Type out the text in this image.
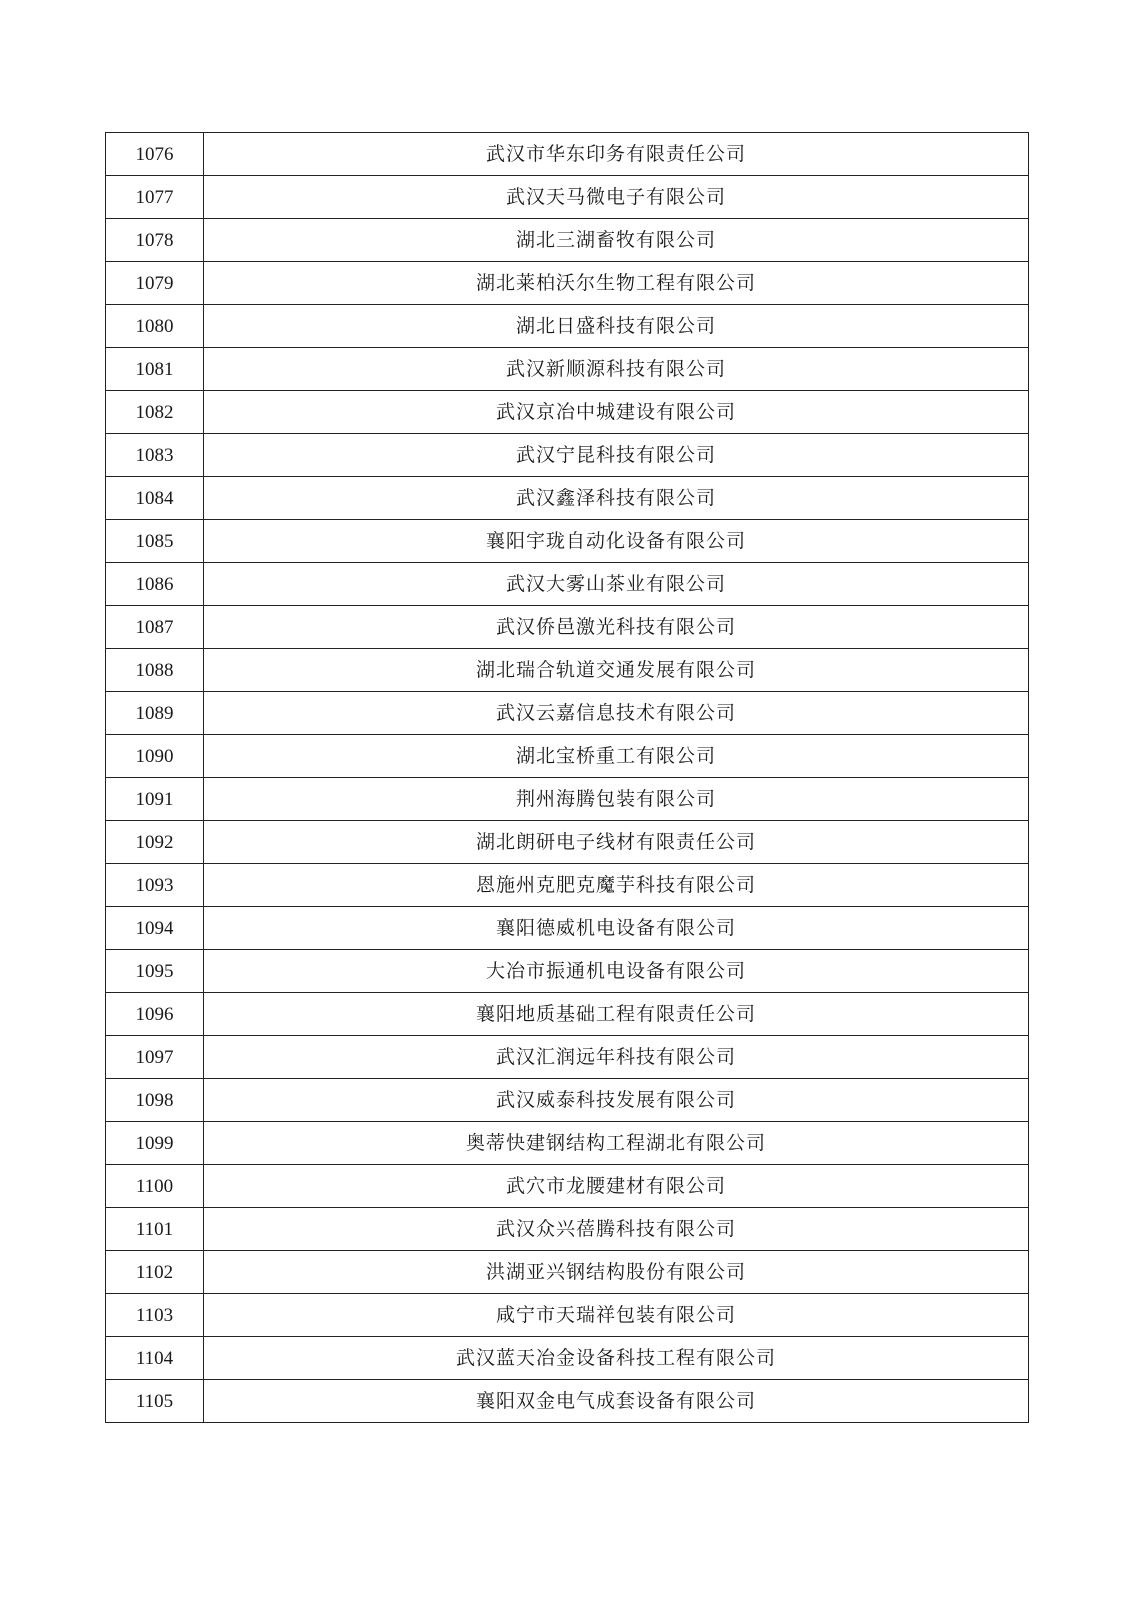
1076	武汉市华东印务有限责任公司
1077	武汉天马微电子有限公司
1078	湖北三湖畜牧有限公司
1079	湖北莱柏沃尔生物工程有限公司
1080	湖北日盛科技有限公司
1081	武汉新顺源科技有限公司
1082	武汉京冶中城建设有限公司
1083	武汉宁昆科技有限公司
1084	武汉鑫泽科技有限公司
1085	襄阳宇珑自动化设备有限公司
1086	武汉大雾山茶业有限公司
1087	武汉侨邑激光科技有限公司
1088	湖北瑞合轨道交通发展有限公司
1089	武汉云嘉信息技术有限公司
1090	湖北宝桥重工有限公司
1091	荆州海腾包装有限公司
1092	湖北朗研电子线材有限责任公司
1093	恩施州克肥克魔芋科技有限公司
1094	襄阳德威机电设备有限公司
1095	大冶市振通机电设备有限公司
1096	襄阳地质基础工程有限责任公司
1097	武汉汇润远年科技有限公司
1098	武汉威泰科技发展有限公司
1099	奥蒂快建钢结构工程湖北有限公司
1100	武穴市龙腰建材有限公司
1101	武汉众兴蓓腾科技有限公司
1102	洪湖亚兴钢结构股份有限公司
1103	咸宁市天瑞祥包装有限公司
1104	武汉蓝天冶金设备科技工程有限公司
1105	襄阳双金电气成套设备有限公司
